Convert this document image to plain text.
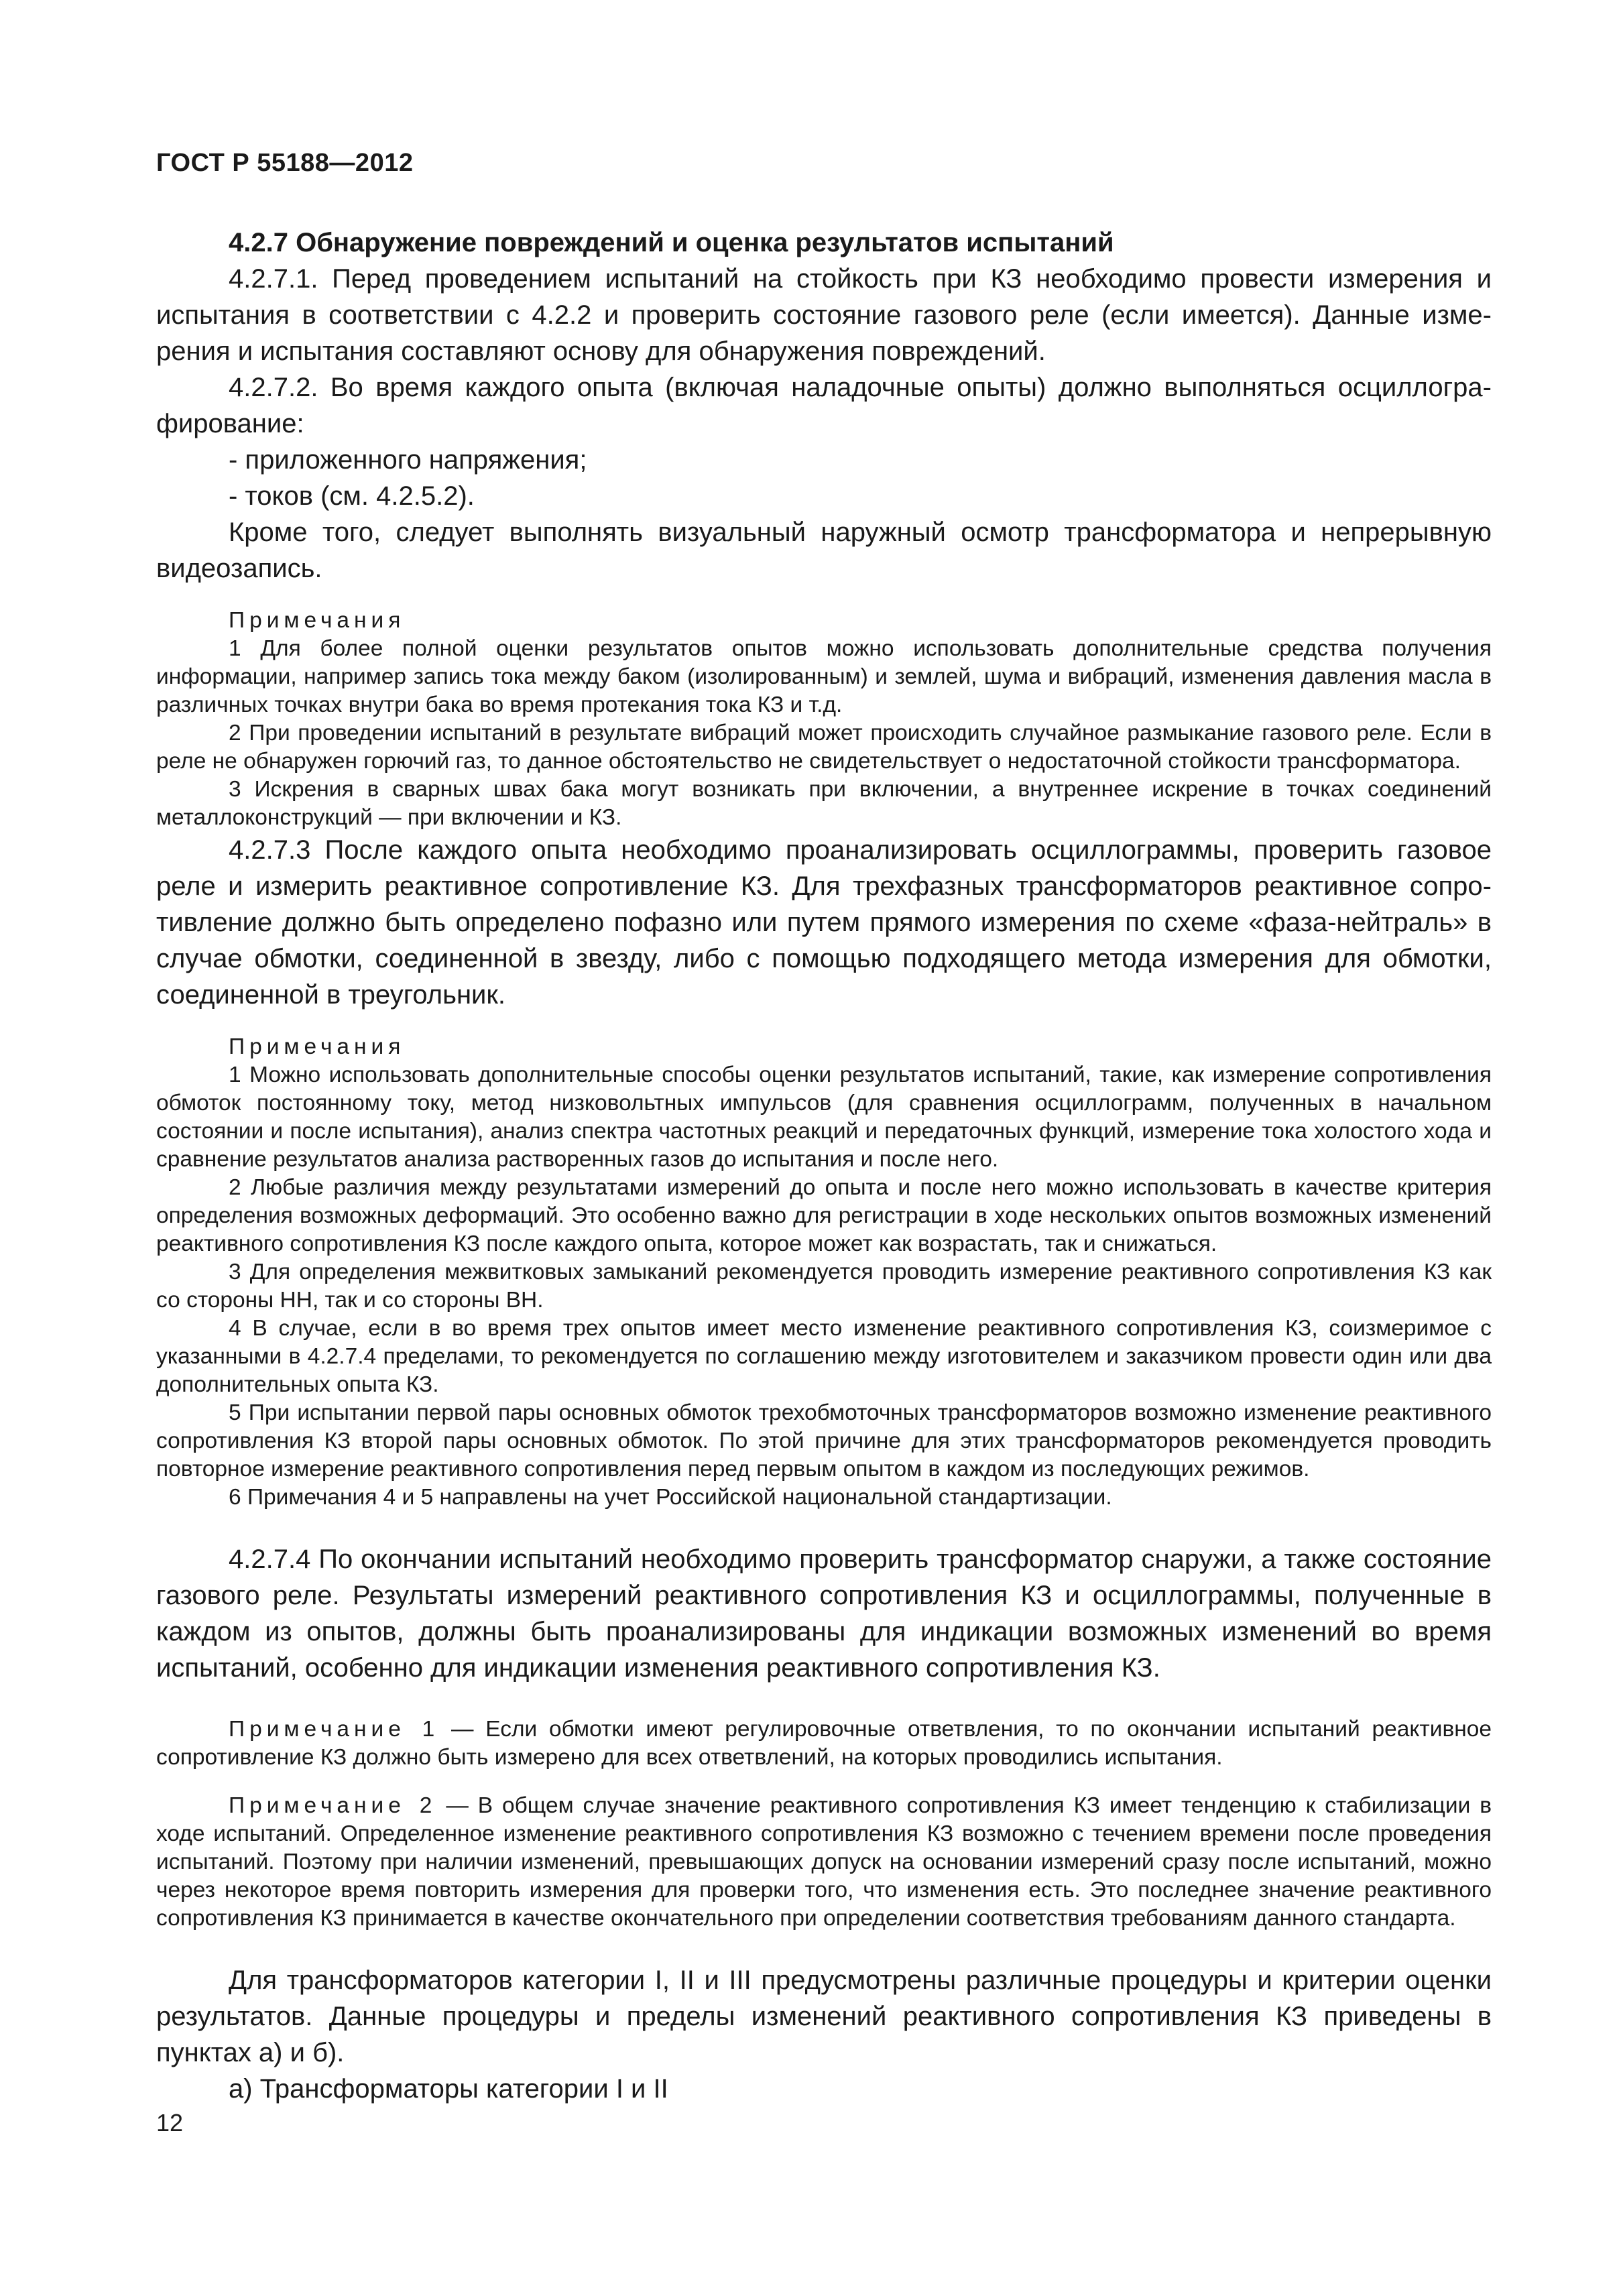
ГОСТ Р 55188—2012

4.2.7 Обнаружение повреждений и оценка результатов испытаний

4.2.7.1. Перед проведением испытаний на стойкость при КЗ необходимо провести измерения и испытания в соответствии с 4.2.2 и проверить состояние газового реле (если имеется). Данные измерения и испытания составляют основу для обнаружения повреждений.

4.2.7.2. Во время каждого опыта (включая наладочные опыты) должно выполняться осциллографирование:

- приложенного напряжения;

- токов (см. 4.2.5.2).

Кроме того, следует выполнять визуальный наружный осмотр трансформатора и непрерывную видеозапись.

Примечания

1 Для более полной оценки результатов опытов можно использовать дополнительные средства получения информации, например запись тока между баком (изолированным) и землей, шума и вибраций, изменения давления масла в различных точках внутри бака во время протекания тока КЗ и т.д.

2 При проведении испытаний в результате вибраций может происходить случайное размыкание газового реле. Если в реле не обнаружен горючий газ, то данное обстоятельство не свидетельствует о недостаточной стойкости трансформатора.

3 Искрения в сварных швах бака могут возникать при включении, а внутреннее искрение в точках соединений металлоконструкций — при включении и КЗ.

4.2.7.3 После каждого опыта необходимо проанализировать осциллограммы, проверить газовое реле и измерить реактивное сопротивление КЗ. Для трехфазных трансформаторов реактивное сопротивление должно быть определено пофазно или путем прямого измерения по схеме «фаза-нейтраль» в случае обмотки, соединенной в звезду, либо с помощью подходящего метода измерения для обмотки, соединенной в треугольник.

Примечания

1 Можно использовать дополнительные способы оценки результатов испытаний, такие, как измерение сопротивления обмоток постоянному току, метод низковольтных импульсов (для сравнения осциллограмм, полученных в начальном состоянии и после испытания), анализ спектра частотных реакций и передаточных функций, измерение тока холостого хода и сравнение результатов анализа растворенных газов до испытания и после него.

2 Любые различия между результатами измерений до опыта и после него можно использовать в качестве критерия определения возможных деформаций. Это особенно важно для регистрации в ходе нескольких опытов возможных изменений реактивного сопротивления КЗ после каждого опыта, которое может как возрастать, так и снижаться.

3 Для определения межвитковых замыканий рекомендуется проводить измерение реактивного сопротивления КЗ как со стороны НН, так и со стороны ВН.

4 В случае, если в во время трех опытов имеет место изменение реактивного сопротивления КЗ, соизмеримое с указанными в 4.2.7.4 пределами, то рекомендуется по соглашению между изготовителем и заказчиком провести один или два дополнительных опыта КЗ.

5 При испытании первой пары основных обмоток трехобмоточных трансформаторов возможно изменение реактивного сопротивления КЗ второй пары основных обмоток. По этой причине для этих трансформаторов рекомендуется проводить повторное измерение реактивного сопротивления перед первым опытом в каждом из последующих режимов.

6 Примечания 4 и 5 направлены на учет Российской национальной стандартизации.

4.2.7.4 По окончании испытаний необходимо проверить трансформатор снаружи, а также состояние газового реле. Результаты измерений реактивного сопротивления КЗ и осциллограммы, полученные в каждом из опытов, должны быть проанализированы для индикации возможных изменений во время испытаний, особенно для индикации изменения реактивного сопротивления КЗ.

Примечание 1 — Если обмотки имеют регулировочные ответвления, то по окончании испытаний реактивное сопротивление КЗ должно быть измерено для всех ответвлений, на которых проводились испытания.

Примечание 2 — В общем случае значение реактивного сопротивления КЗ имеет тенденцию к стабилизации в ходе испытаний. Определенное изменение реактивного сопротивления КЗ возможно с течением времени после проведения испытаний. Поэтому при наличии изменений, превышающих допуск на основании измерений сразу после испытаний, можно через некоторое время повторить измерения для проверки того, что изменения есть. Это последнее значение реактивного сопротивления КЗ принимается в качестве окончательного при определении соответствия требованиям данного стандарта.

Для трансформаторов категории I, II и III предусмотрены различные процедуры и критерии оценки результатов. Данные процедуры и пределы изменений реактивного сопротивления КЗ приведены в пунктах а) и б).

а) Трансформаторы категории I и II

12
